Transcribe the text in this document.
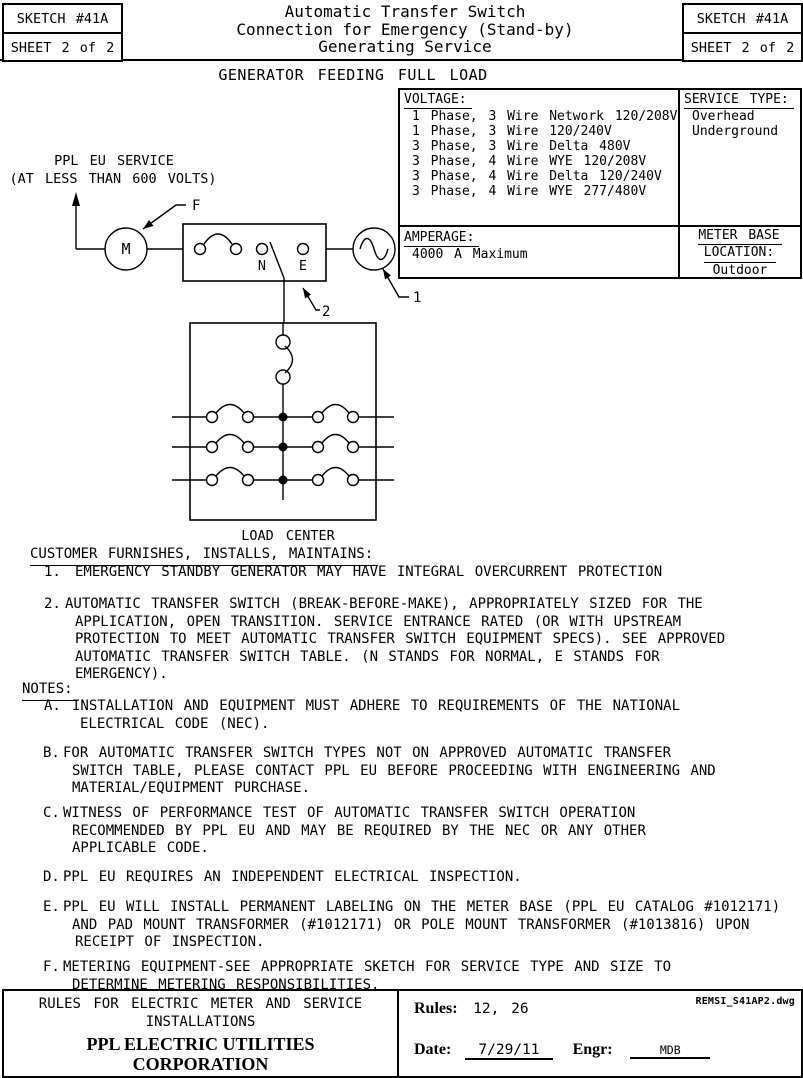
SKETCH #41A
SHEET 2 of 2
SKETCH #41A
SHEET 2 of 2
Automatic Transfer Switch
Connection for Emergency (Stand-by)
Generating Service
GENERATOR FEEDING FULL LOAD
VOLTAGE:
1 Phase, 3 Wire Network 120/208V
1 Phase, 3 Wire 120/240V
3 Phase, 3 Wire Delta 480V
3 Phase, 4 Wire WYE 120/208V
3 Phase, 4 Wire Delta 120/240V
3 Phase, 4 Wire WYE 277/480V
SERVICE TYPE:
Overhead
Underground
AMPERAGE:
4000 A Maximum
METER BASE
LOCATION:
Outdoor
PPL EU SERVICE
(AT LESS THAN 600 VOLTS)
M
N E
F
1
2
LOAD CENTER
CUSTOMER FURNISHES, INSTALLS, MAINTAINS:
1. EMERGENCY STANDBY GENERATOR MAY HAVE INTEGRAL OVERCURRENT PROTECTION
2. AUTOMATIC TRANSFER SWITCH (BREAK-BEFORE-MAKE), APPROPRIATELY SIZED FOR THE
APPLICATION, OPEN TRANSITION. SERVICE ENTRANCE RATED (OR WITH UPSTREAM
PROTECTION TO MEET AUTOMATIC TRANSFER SWITCH EQUIPMENT SPECS). SEE APPROVED
AUTOMATIC TRANSFER SWITCH TABLE. (N STANDS FOR NORMAL, E STANDS FOR
EMERGENCY).
NOTES:
A. INSTALLATION AND EQUIPMENT MUST ADHERE TO REQUIREMENTS OF THE NATIONAL
ELECTRICAL CODE (NEC).
B. FOR AUTOMATIC TRANSFER SWITCH TYPES NOT ON APPROVED AUTOMATIC TRANSFER
SWITCH TABLE, PLEASE CONTACT PPL EU BEFORE PROCEEDING WITH ENGINEERING AND
MATERIAL/EQUIPMENT PURCHASE.
C. WITNESS OF PERFORMANCE TEST OF AUTOMATIC TRANSFER SWITCH OPERATION
RECOMMENDED BY PPL EU AND MAY BE REQUIRED BY THE NEC OR ANY OTHER
APPLICABLE CODE.
D. PPL EU REQUIRES AN INDEPENDENT ELECTRICAL INSPECTION.
E. PPL EU WILL INSTALL PERMANENT LABELING ON THE METER BASE (PPL EU CATALOG #1012171)
AND PAD MOUNT TRANSFORMER (#1012171) OR POLE MOUNT TRANSFORMER (#1013816) UPON
RECEIPT OF INSPECTION.
F. METERING EQUIPMENT-SEE APPROPRIATE SKETCH FOR SERVICE TYPE AND SIZE TO
DETERMINE METERING RESPONSIBILITIES.
RULES FOR ELECTRIC METER AND SERVICE
INSTALLATIONS
PPL ELECTRIC UTILITIES
CORPORATION
Rules: 12, 26	REMSI_S41AP2.dwg
Date: 7/29/11 Engr:	MDB
